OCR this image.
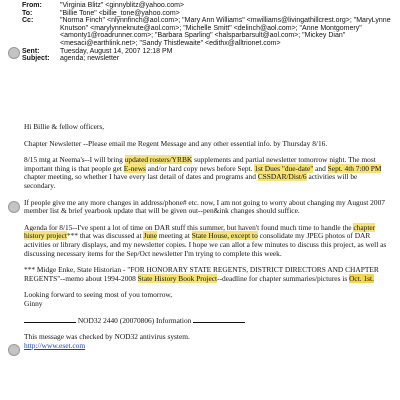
From:	"Virginia Blitz" <ginnyblitz@yahoo.com>
To:	"Billie Tone" <billie_tone@yahoo.com>
Cc:	"Norma Finch" <nlynnfinch@aol.com>; "Mary Ann Williams" <mwilliams@livingathillcrest.org>; "MaryLynne Knutson" <marylynneknute@aol.com>; "Michelle Smitt" <delinch@aol.com>; "Anne Montgomery" <amonty1@roadrunner.com>; "Barbara Sparling" <halsparbarsult@aol.com>; "Mickey Dian" <mesaci@earthlink.net>; "Sandy Thistlewaite" <edithx@alltrionet.com>
Sent:	Tuesday, August 14, 2007 12:18 PM
Subject:	agenda; newsletter

Hi Billie & fellow officers,

Chapter Newsletter --Please email me Regent Message and any other essential info. by Thursday 8/16.

8/15 mtg at Neema's--I will bring updated rosters/YRBK supplements and partial newsletter tomorrow night. The most important thing is that people get E-news and/or hard copy news before Sept. 1st Dues "due-date" and Sept. 4th 7:00 PM chapter meeting, so whether I have every last detail of dates and programs and CSSDAR/Dist/6 activities will be secondary.

If people give me any more changes in address/phone# etc. now, I am not going to worry about changing my August 2007 member list & brief yearbook update that will be given out--pen&ink changes should suffice.

Agenda for 8/15--I've spent a lot of time on DAR stuff this summer, but haven't found much time to handle the chapter history project*** that was discussed at June meeting at State House, except to consolidate my JPEG photos of DAR activities or library displays, and my newsletter copies. I hope we can allot a few minutes to discuss this project, as well as discussing necessary items for the Sep/Oct newsletter I'm trying to complete this week.

*** Midge Enke, State Historian - "FOR HONORARY STATE REGENTS, DISTRICT DIRECTORS AND CHAPTER REGENTS"--memo about 1994-2008 State History Book Project--deadline for chapter summaries/pictures is Oct. 1st.

Looking forward to seeing most of you tomorrow,
Ginny

NOD32 2440 (20070806) Information

This message was checked by NOD32 antivirus system.
http://www.eset.com
